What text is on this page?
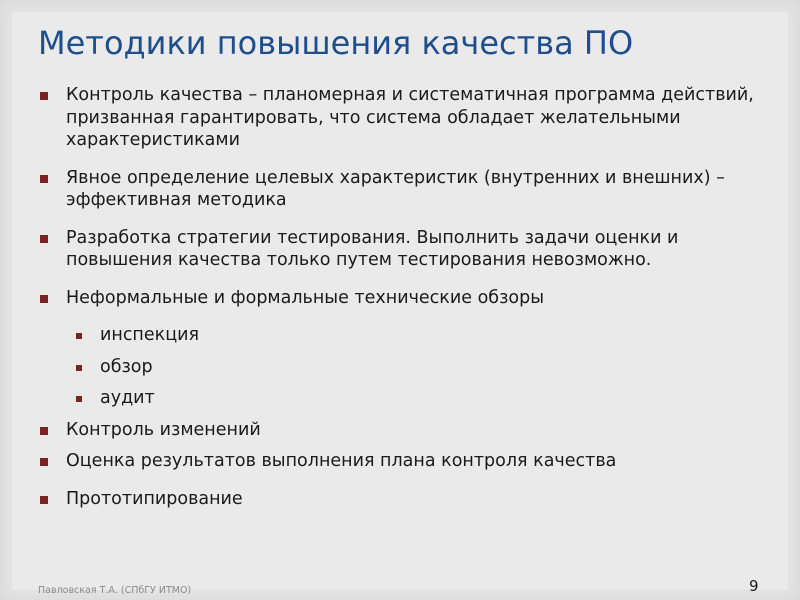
Методики повышения качества ПО
Контроль качества – планомерная и систематичная программа действий, призванная гарантировать, что система обладает желательными характеристиками
Явное определение целевых характеристик (внутренних и внешних) – эффективная методика
Разработка стратегии тестирования. Выполнить задачи оценки и повышения качества только путем тестирования невозможно.
Неформальные и формальные технические обзоры
инспекция
обзор
аудит
Контроль изменений
Оценка результатов выполнения плана контроля качества
Прототипирование
Павловская Т.А. (СПбГУ ИТМО)	9
